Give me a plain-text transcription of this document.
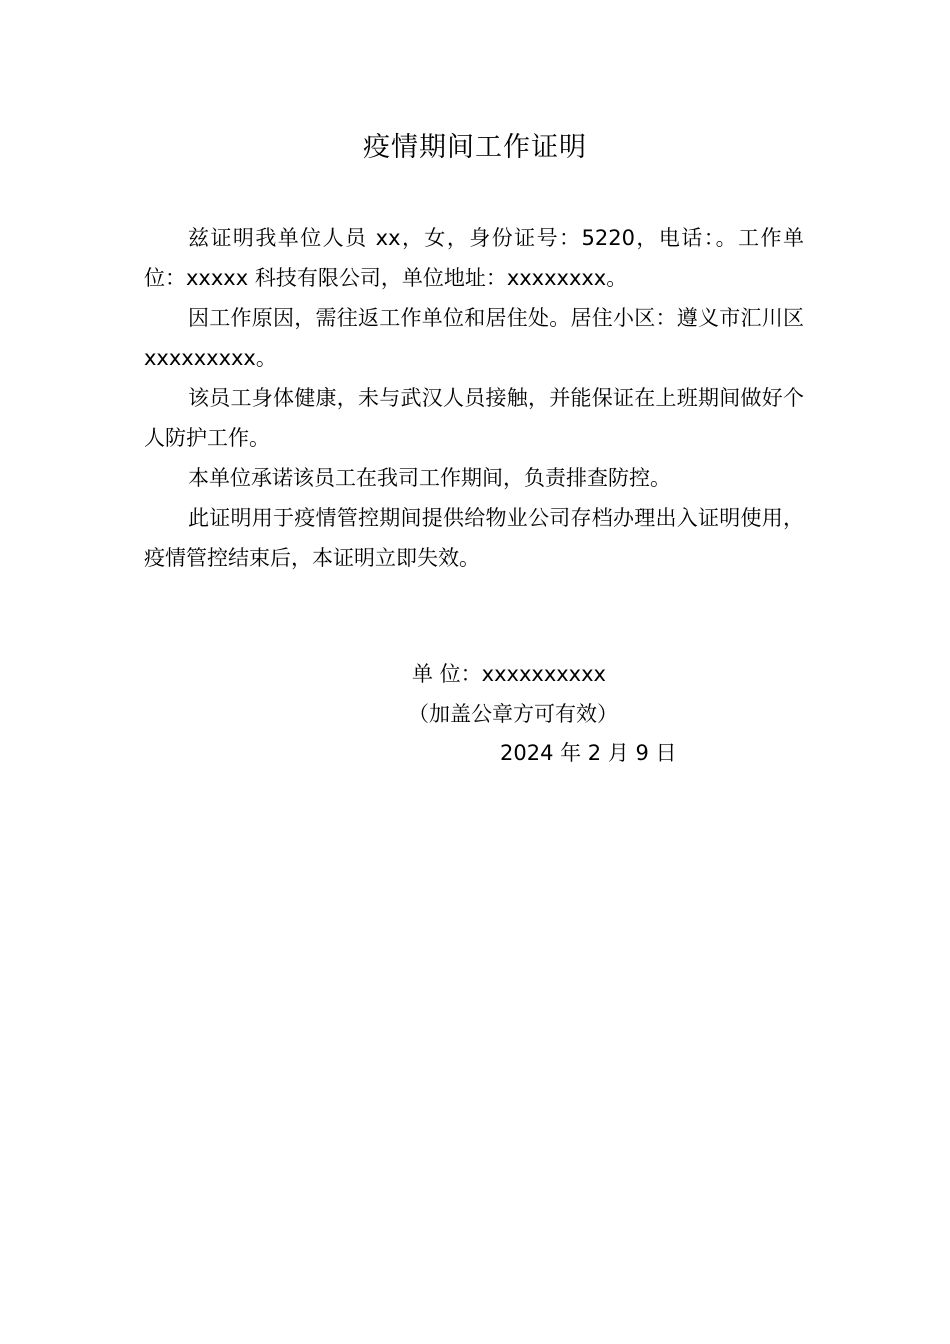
疫情期间工作证明

兹证明我单位人员 xx，女，身份证号：5220，电话：。工作单位：xxxxx 科技有限公司，单位地址：xxxxxxxx。

因工作原因，需往返工作单位和居住处。居住小区：遵义市汇川区 xxxxxxxxx。

该员工身体健康，未与武汉人员接触，并能保证在上班期间做好个人防护工作。

本单位承诺该员工在我司工作期间，负责排查防控。

此证明用于疫情管控期间提供给物业公司存档办理出入证明使用，疫情管控结束后，本证明立即失效。

单 位：xxxxxxxxxx
（加盖公章方可有效）
2024 年 2 月 9 日
